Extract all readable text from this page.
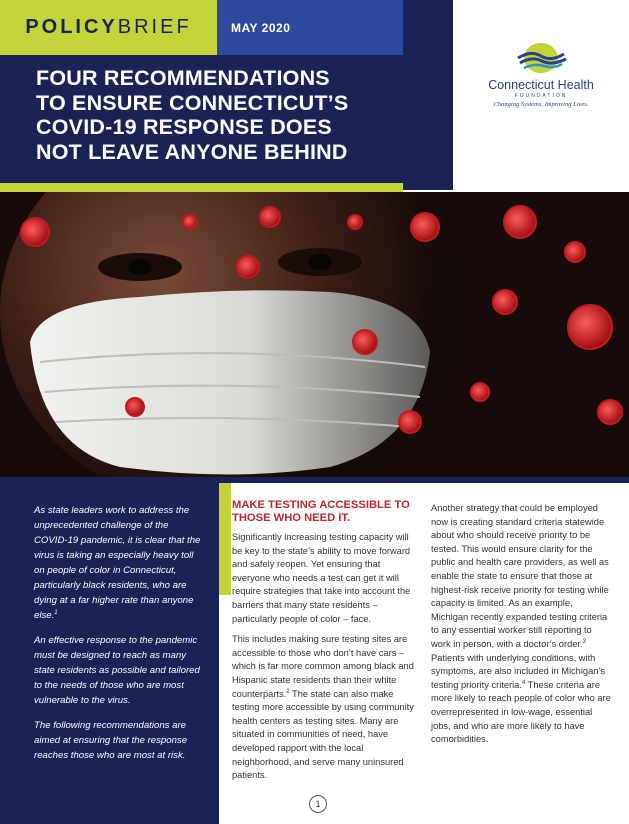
POLICY BRIEF	MAY 2020
FOUR RECOMMENDATIONS
TO ENSURE CONNECTICUT’S
COVID-19 RESPONSE DOES
NOT LEAVE ANYONE BEHIND
Connecticut Health
FOUNDATION
Changing Systems, Improving Lives.

As state leaders work to address the unprecedented challenge of the COVID-19 pandemic, it is clear that the virus is taking an especially heavy toll on people of color in Connecticut, particularly black residents, who are dying at a far higher rate than anyone else.$^1$

An effective response to the pandemic must be designed to reach as many state residents as possible and tailored to the needs of those who are most vulnerable to the virus.

The following recommendations are aimed at ensuring that the response reaches those who are most at risk.

MAKE TESTING ACCESSIBLE TO THOSE WHO NEED IT.

Significantly increasing testing capacity will be key to the state’s ability to move forward and safely reopen. Yet ensuring that everyone who needs a test can get it will require strategies that take into account the barriers that many state residents – particularly people of color – face.

This includes making sure testing sites are accessible to those who don’t have cars – which is far more common among black and Hispanic state residents than their white counterparts.$^2$ The state can also make testing more accessible by using community health centers as testing sites. Many are situated in communities of need, have developed rapport with the local neighborhood, and serve many uninsured patients.

Another strategy that could be employed now is creating standard criteria statewide about who should receive priority to be tested. This would ensure clarity for the public and health care providers, as well as enable the state to ensure that those at highest-risk receive priority for testing while capacity is limited. As an example, Michigan recently expanded testing criteria to any essential worker still reporting to work in person, with a doctor’s order.$^3$ Patients with underlying conditions, with symptoms, are also included in Michigan’s testing priority criteria.$^4$ These criteria are more likely to reach people of color who are overrepresented in low-wage, essential jobs, and who are more likely to have comorbidities.

1
